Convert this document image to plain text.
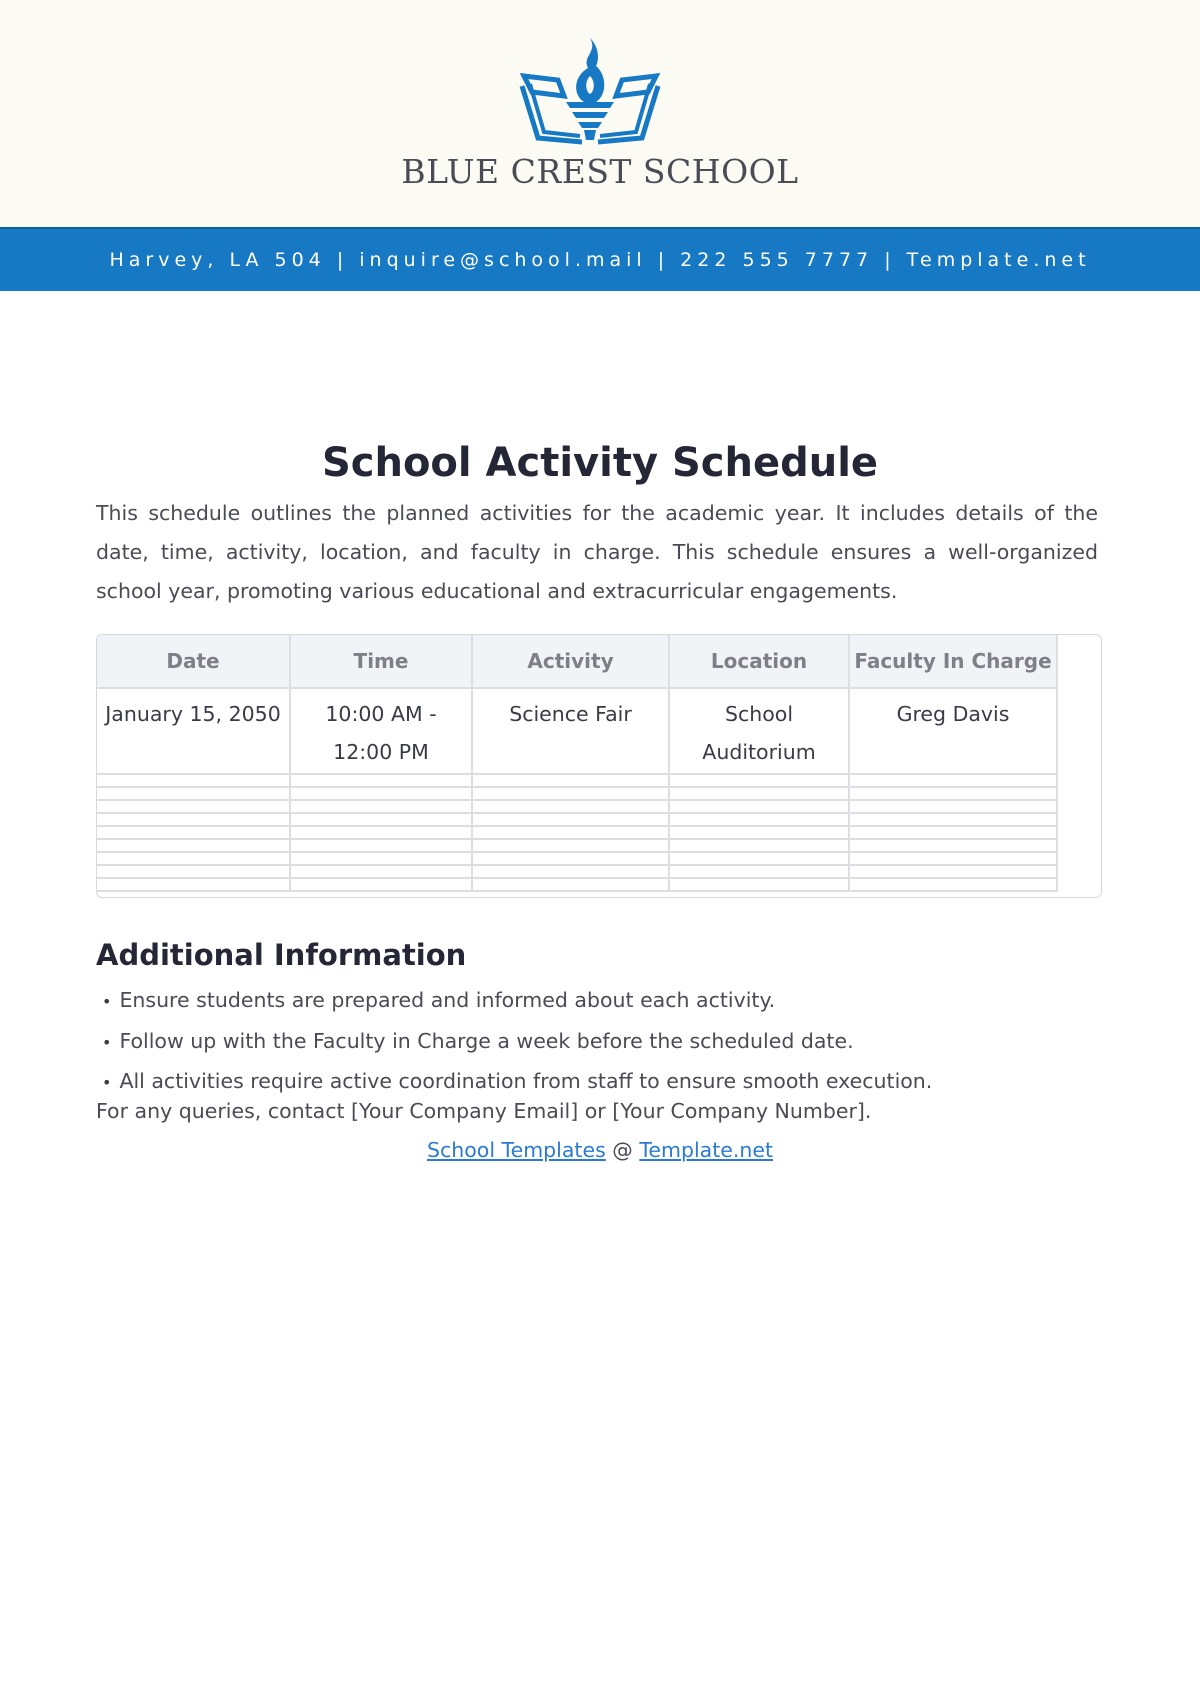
BLUE CREST SCHOOL
Harvey, LA 504 | inquire@school.mail | 222 555 7777 | Template.net
School Activity Schedule
This schedule outlines the planned activities for the academic year. It includes details of the date, time, activity, location, and faculty in charge. This schedule ensures a well-organized school year, promoting various educational and extracurricular engagements.
Date	Time	Activity	Location	Faculty In Charge
January 15, 2050	10:00 AM - 12:00 PM	Science Fair	School Auditorium	Greg Davis

Additional Information
• Ensure students are prepared and informed about each activity.
• Follow up with the Faculty in Charge a week before the scheduled date.
• All activities require active coordination from staff to ensure smooth execution.
For any queries, contact [Your Company Email] or [Your Company Number].
School Templates @ Template.net
